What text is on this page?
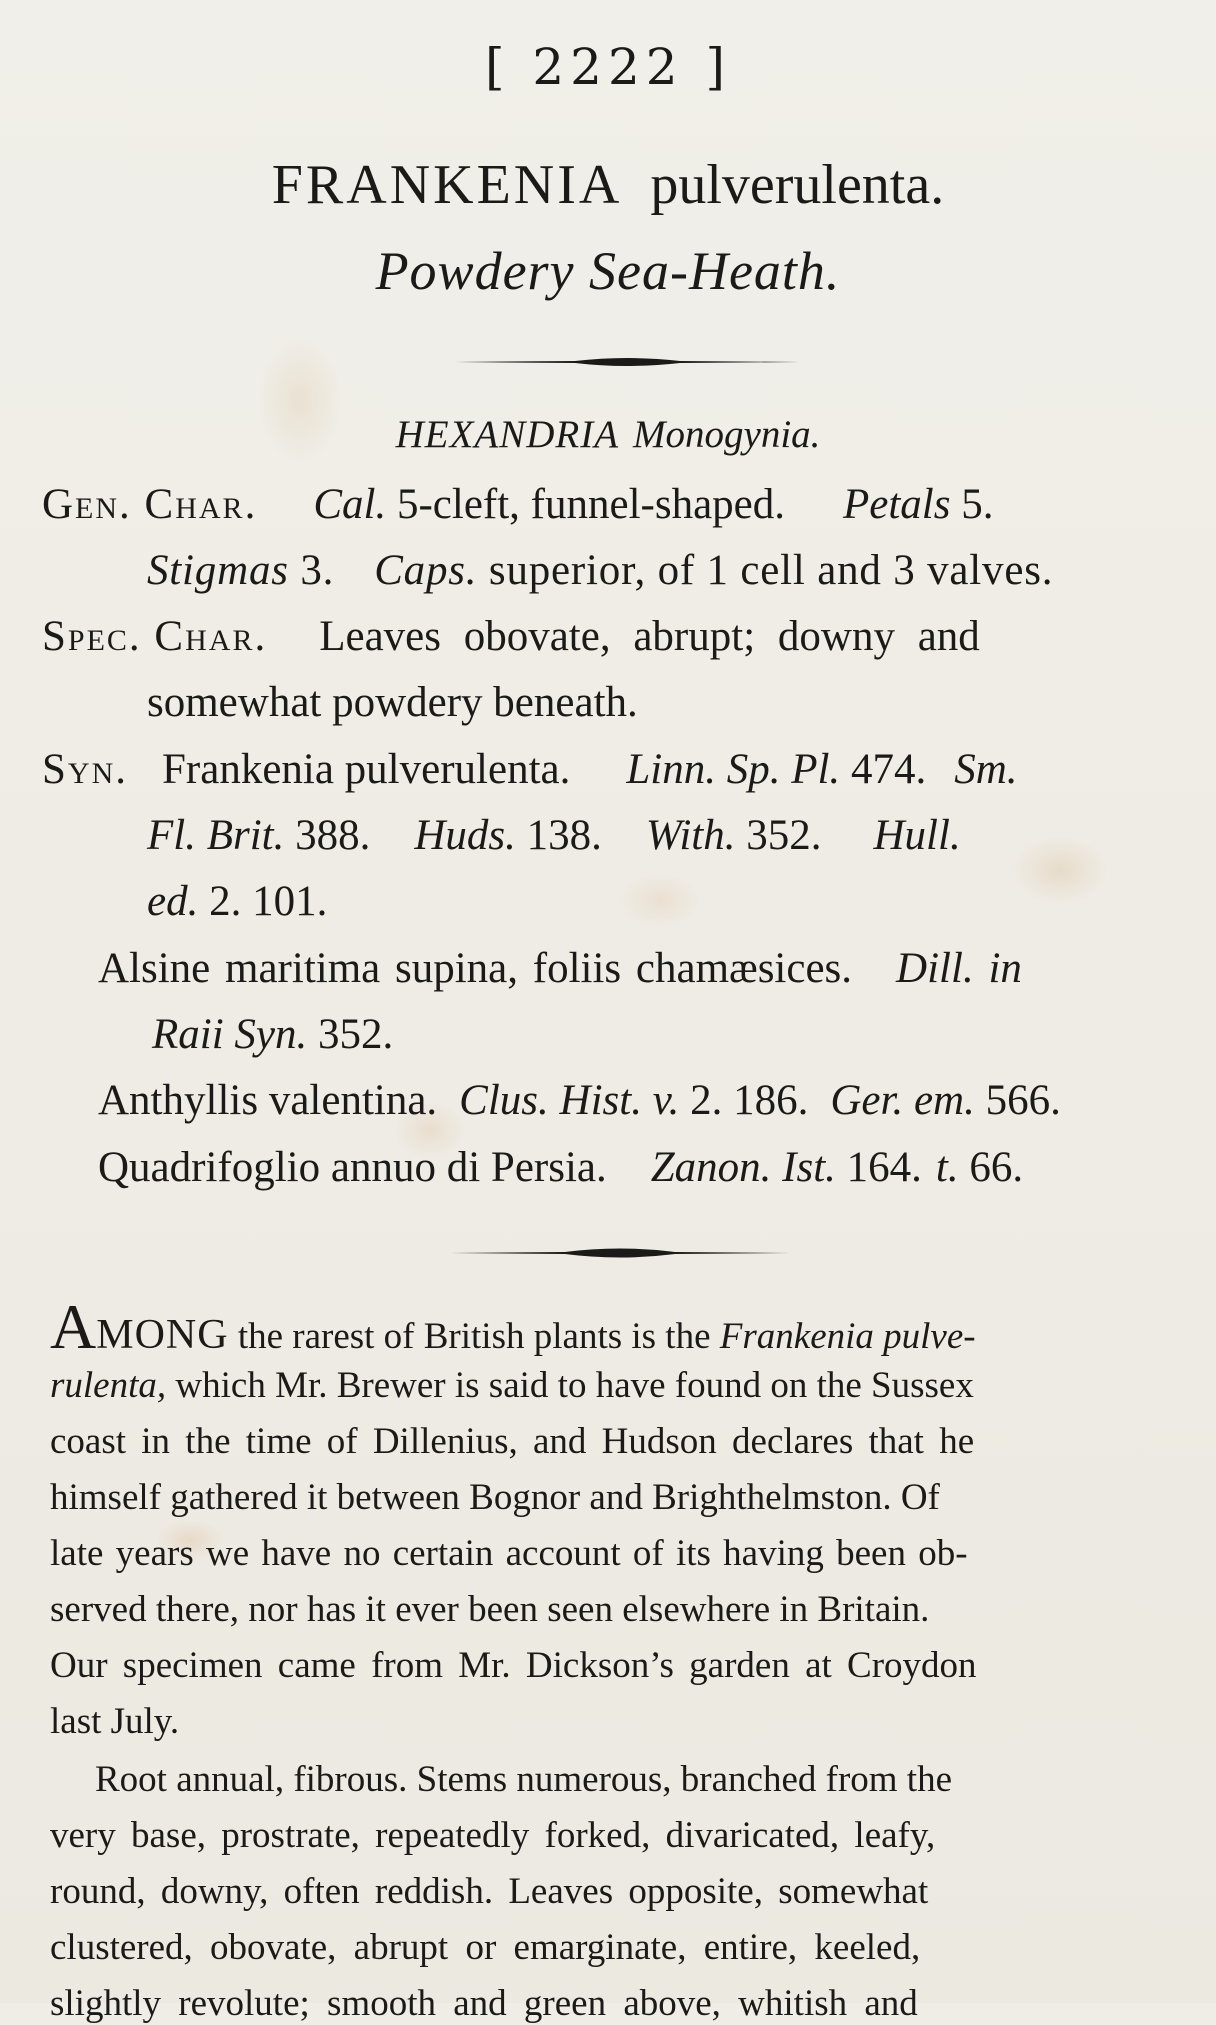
[ 2222 ]
FRANKENIA pulverulenta.
Powdery Sea-Heath.
HEXANDRIA Monogynia.
Gen. Char. Cal. 5-cleft, funnel-shaped. Petals 5.
Stigmas 3. Caps. superior, of 1 cell and 3 valves.
Spec. Char. Leaves obovate, abrupt; downy and
somewhat powdery beneath.
Syn. Frankenia pulverulenta. Linn. Sp. Pl. 474. Sm.
Fl. Brit. 388. Huds. 138. With. 352. Hull.
ed. 2. 101.
Alsine maritima supina, foliis chamæsices. Dill. in
Raii Syn. 352.
Anthyllis valentina. Clus. Hist. v. 2. 186. Ger. em. 566.
Quadrifoglio annuo di Persia. Zanon. Ist. 164. t. 66.
AMONG the rarest of British plants is the Frankenia pulve-
rulenta, which Mr. Brewer is said to have found on the Sussex
coast in the time of Dillenius, and Hudson declares that he
himself gathered it between Bognor and Brighthelmston. Of
late years we have no certain account of its having been ob-
served there, nor has it ever been seen elsewhere in Britain.
Our specimen came from Mr. Dickson’s garden at Croydon
last July.
Root annual, fibrous. Stems numerous, branched from the
very base, prostrate, repeatedly forked, divaricated, leafy,
round, downy, often reddish. Leaves opposite, somewhat
clustered, obovate, abrupt or emarginate, entire, keeled,
slightly revolute; smooth and green above, whitish and
